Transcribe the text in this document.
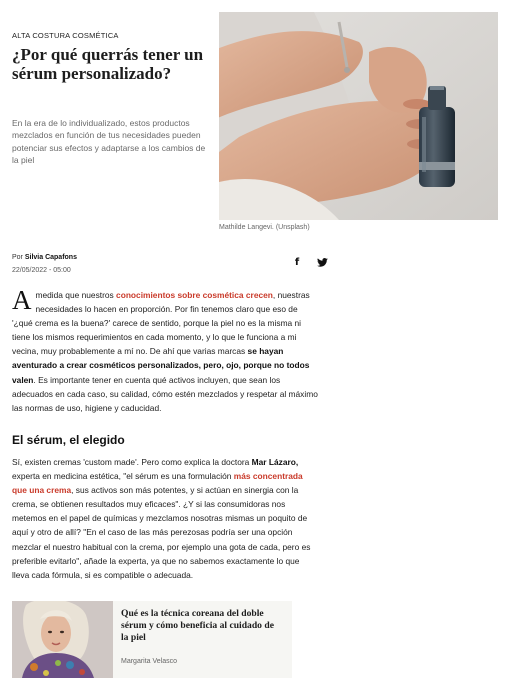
ALTA COSTURA COSMÉTICA
¿Por qué querrás tener un sérum personalizado?

En la era de lo individualizado, estos productos mezclados en función de tus necesidades pueden potenciar sus efectos y adaptarse a los cambios de la piel

Mathilde Langevi. (Unsplash)
Por Silvia Capafons
22/05/2022 - 05:00
f

A medida que nuestros conocimientos sobre cosmética crecen, nuestras necesidades lo hacen en proporción. Por fin tenemos claro que eso de '¿qué crema es la buena?' carece de sentido, porque la piel no es la misma ni tiene los mismos requerimientos en cada momento, y lo que le funciona a mi vecina, muy probablemente a mí no. De ahí que varias marcas se hayan aventurado a crear cosméticos personalizados, pero, ojo, porque no todos valen. Es importante tener en cuenta qué activos incluyen, que sean los adecuados en cada caso, su calidad, cómo estén mezclados y respetar al máximo las normas de uso, higiene y caducidad.

El sérum, el elegido

Sí, existen cremas 'custom made'. Pero como explica la doctora Mar Lázaro, experta en medicina estética, "el sérum es una formulación más concentrada que una crema, sus activos son más potentes, y si actúan en sinergia con la crema, se obtienen resultados muy eficaces". ¿Y si las consumidoras nos metemos en el papel de químicas y mezclamos nosotras mismas un poquito de aquí y otro de allí? "En el caso de las más perezosas podría ser una opción mezclar el nuestro habitual con la crema, por ejemplo una gota de cada, pero es preferible evitarlo", añade la experta, ya que no sabemos exactamente lo que lleva cada fórmula, si es compatible o adecuada.

Qué es la técnica coreana del doble sérum y cómo beneficia al cuidado de la piel

Margarita Velasco
